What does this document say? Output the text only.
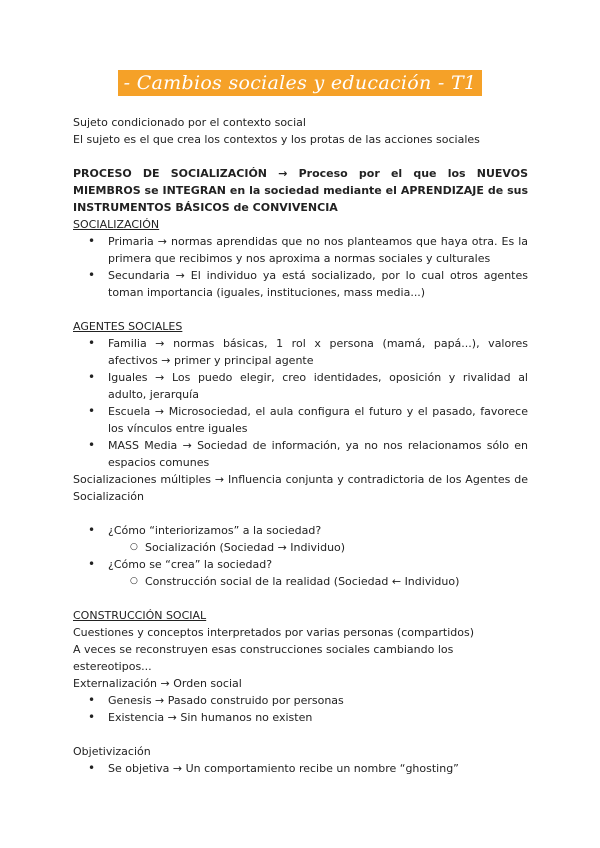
- Cambios sociales y educación - T1

Sujeto condicionado por el contexto social

El sujeto es el que crea los contextos y los protas de las acciones sociales

PROCESO DE SOCIALIZACIÓN → Proceso por el que los NUEVOS MIEMBROS se INTEGRAN en la sociedad mediante el APRENDIZAJE de sus INSTRUMENTOS BÁSICOS de CONVIVENCIA

SOCIALIZACIÓN

• Primaria → normas aprendidas que no nos planteamos que haya otra. Es la primera que recibimos y nos aproxima a normas sociales y culturales
• Secundaria → El individuo ya está socializado, por lo cual otros agentes toman importancia (iguales, instituciones, mass media...)

AGENTES SOCIALES

• Familia → normas básicas, 1 rol x persona (mamá, papá...), valores afectivos → primer y principal agente
• Iguales → Los puedo elegir, creo identidades, oposición y rivalidad al adulto, jerarquía
• Escuela → Microsociedad, el aula configura el futuro y el pasado, favorece los vínculos entre iguales
• MASS Media → Sociedad de información, ya no nos relacionamos sólo en espacios comunes

Socializaciones múltiples → Influencia conjunta y contradictoria de los Agentes de Socialización

• ¿Cómo “interiorizamos” a la sociedad?
○ Socialización (Sociedad → Individuo)
• ¿Cómo se “crea” la sociedad?
○ Construcción social de la realidad (Sociedad ← Individuo)

CONSTRUCCIÓN SOCIAL

Cuestiones y conceptos interpretados por varias personas (compartidos)

A veces se reconstruyen esas construcciones sociales cambiando los estereotipos...

Externalización → Orden social

• Genesis → Pasado construido por personas
• Existencia → Sin humanos no existen

Objetivización

• Se objetiva → Un comportamiento recibe un nombre “ghosting”
